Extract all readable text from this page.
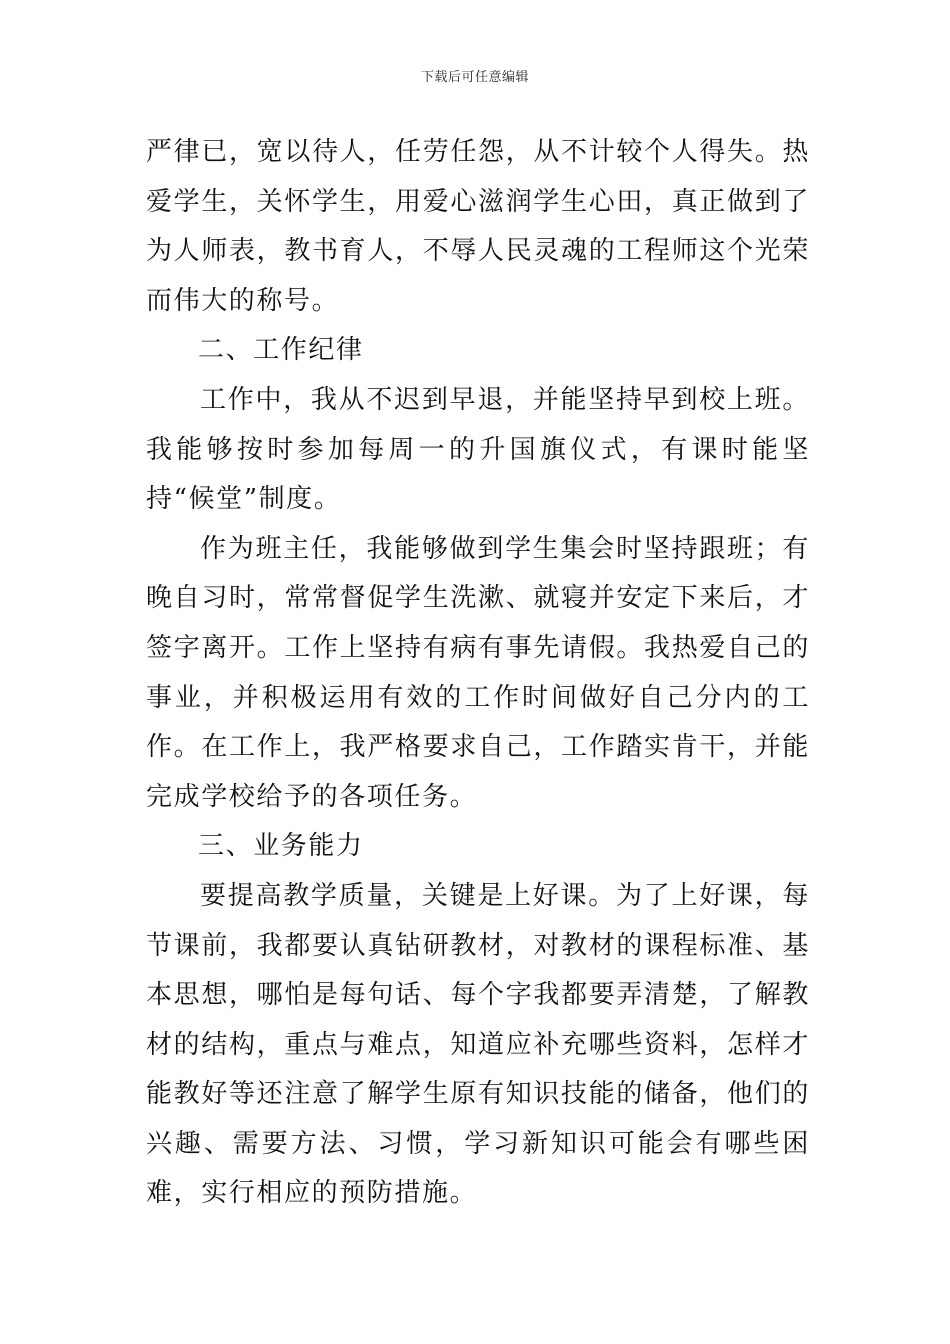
下载后可任意编辑

严律已，宽以待人，任劳任怨，从不计较个人得失。热爱学生，关怀学生，用爱心滋润学生心田，真正做到了为人师表，教书育人，不辱人民灵魂的工程师这个光荣而伟大的称号。

二、工作纪律

工作中，我从不迟到早退，并能坚持早到校上班。我能够按时参加每周一的升国旗仪式，有课时能坚持“候堂”制度。

作为班主任，我能够做到学生集会时坚持跟班；有晚自习时，常常督促学生洗漱、就寝并安定下来后，才签字离开。工作上坚持有病有事先请假。我热爱自己的事业，并积极运用有效的工作时间做好自己分内的工作。在工作上，我严格要求自己，工作踏实肯干，并能完成学校给予的各项任务。

三、业务能力

要提高教学质量，关键是上好课。为了上好课，每节课前，我都要认真钻研教材，对教材的课程标准、基本思想，哪怕是每句话、每个字我都要弄清楚，了解教材的结构，重点与难点，知道应补充哪些资料，怎样才能教好等还注意了解学生原有知识技能的储备，他们的兴趣、需要方法、习惯，学习新知识可能会有哪些困难，实行相应的预防措施。
